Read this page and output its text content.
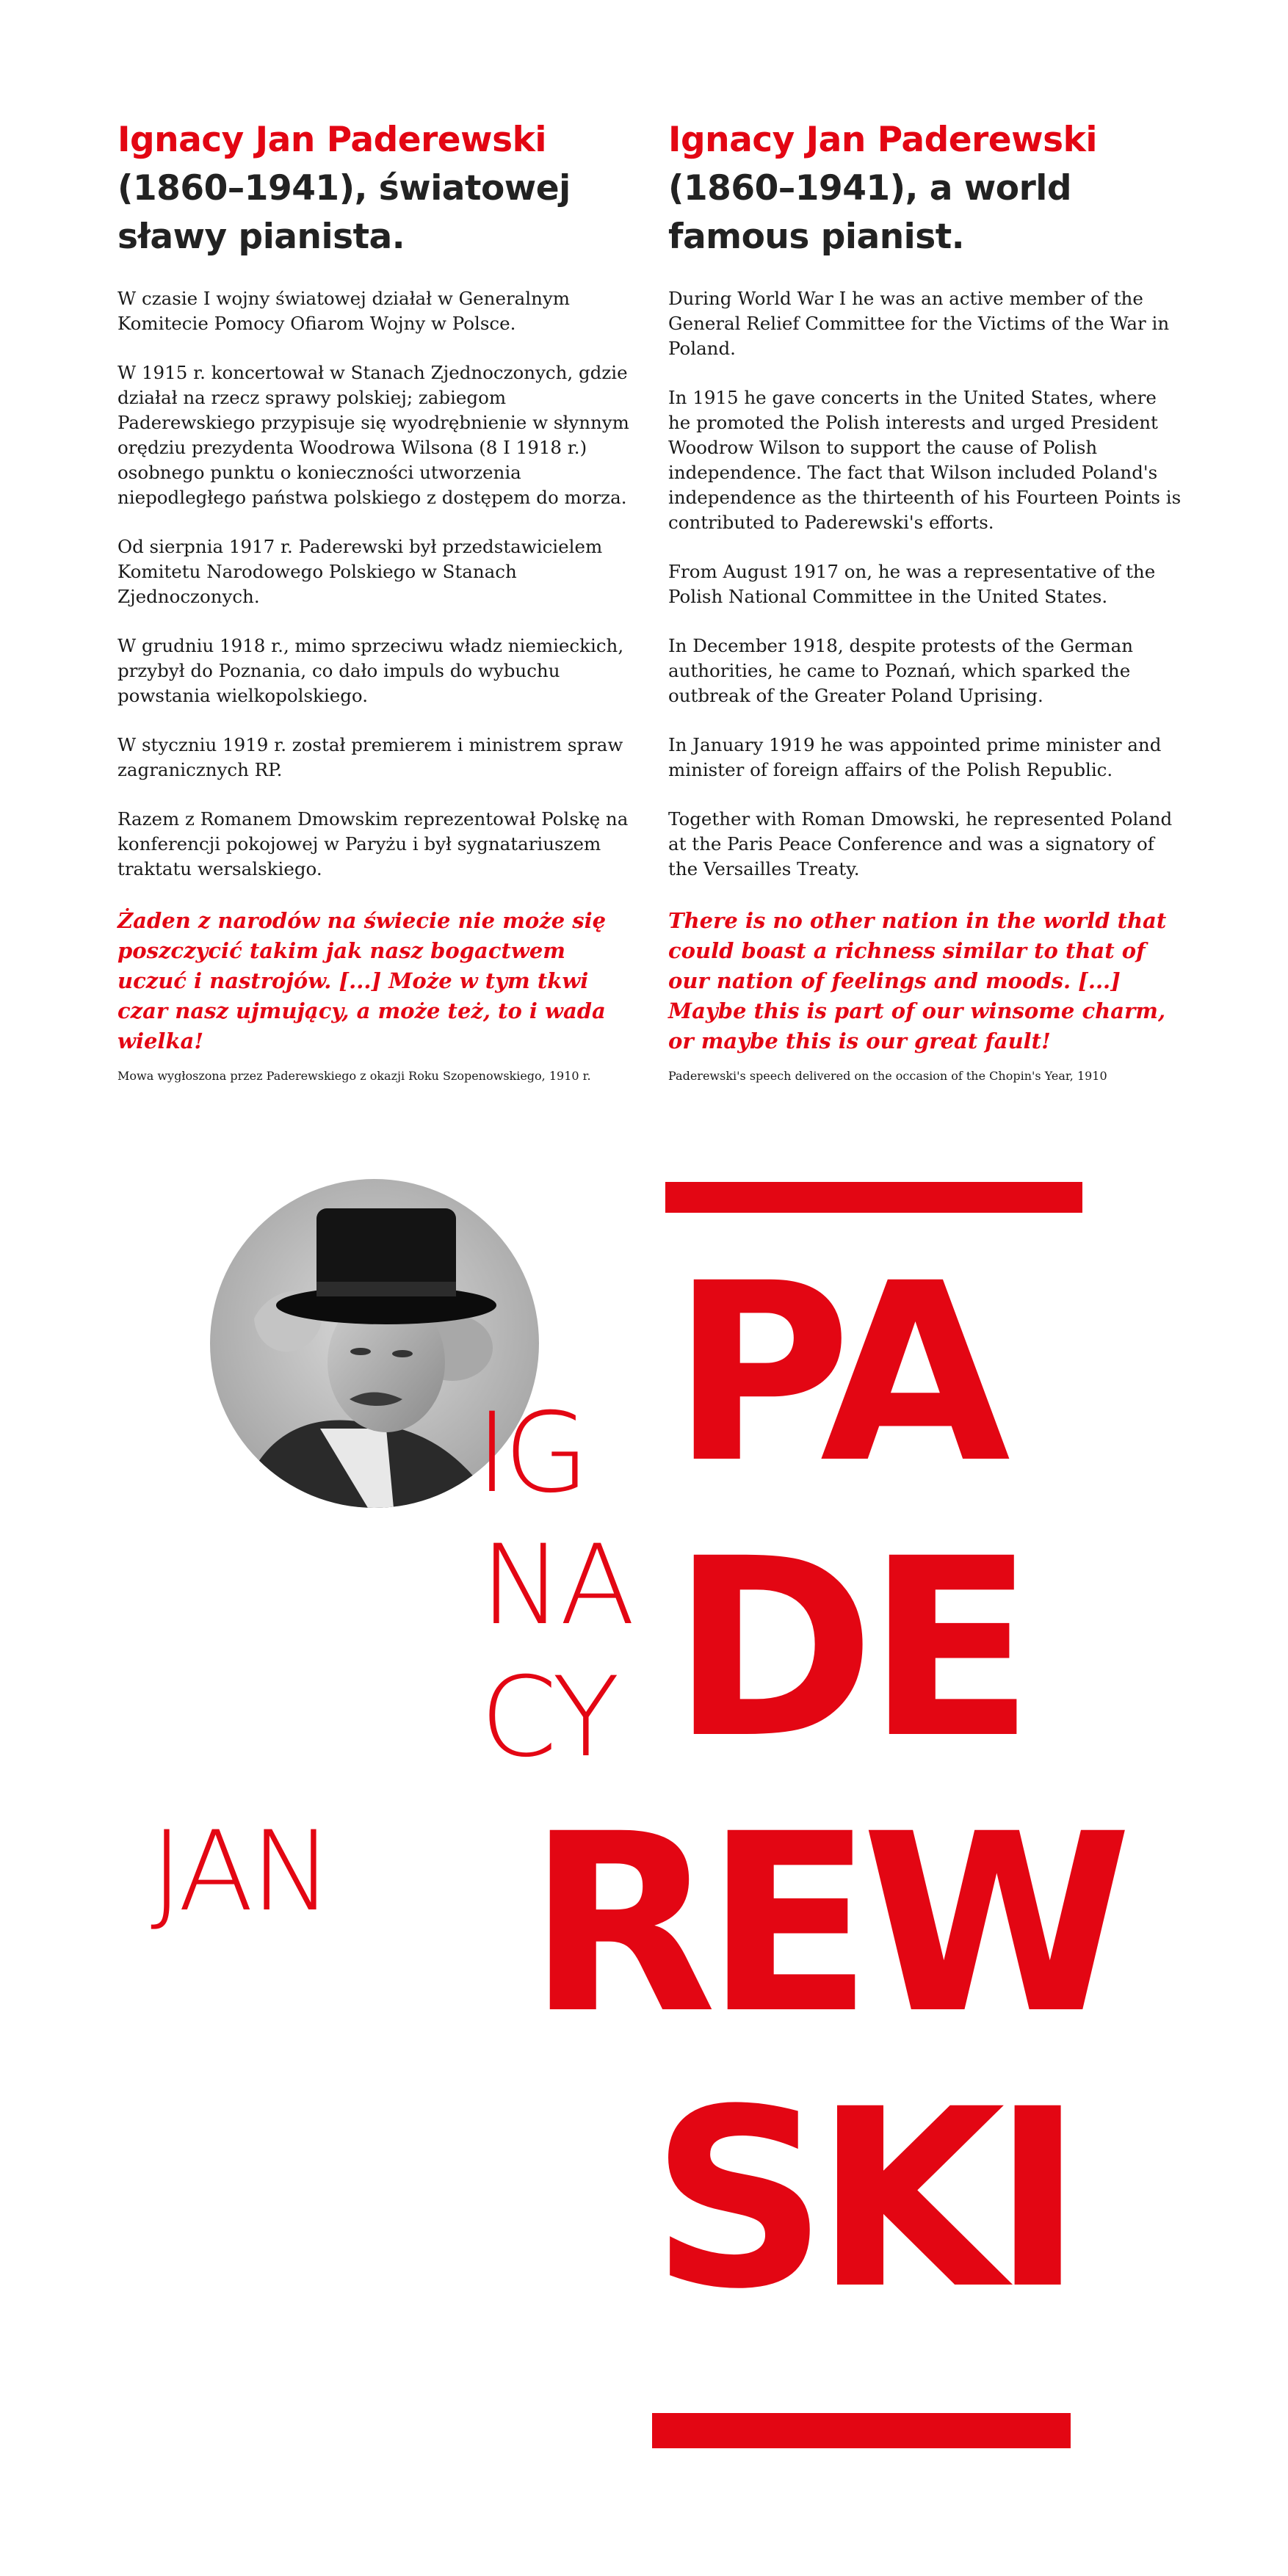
Ignacy Jan Paderewski
(1860–1941), światowej sławy pianista.

W czasie I wojny światowej działał w Generalnym Komitecie Pomocy Ofiarom Wojny w Polsce.

W 1915 r. koncertował w Stanach Zjednoczonych, gdzie działał na rzecz sprawy polskiej; zabiegom Paderewskiego przypisuje się wyodrębnienie w słynnym orędziu prezydenta Woodrowa Wilsona (8 I 1918 r.) osobnego punktu o konieczności utworzenia niepodległego państwa polskiego z dostępem do morza.

Od sierpnia 1917 r. Paderewski był przedstawicielem Komitetu Narodowego Polskiego w Stanach Zjednoczonych.

W grudniu 1918 r., mimo sprzeciwu władz niemieckich, przybył do Poznania, co dało impuls do wybuchu powstania wielkopolskiego.

W styczniu 1919 r. został premierem i ministrem spraw zagranicznych RP.

Razem z Romanem Dmowskim reprezentował Polskę na konferencji pokojowej w Paryżu i był sygnatariuszem traktatu wersalskiego.

Żaden z narodów na świecie nie może się poszczycić takim jak nasz bogactwem uczuć i nastrojów. [...] Może w tym tkwi czar nasz ujmujący, a może też, to i wada wielka!

Mowa wygłoszona przez Paderewskiego z okazji Roku Szopenowskiego, 1910 r.

Ignacy Jan Paderewski
(1860–1941), a world famous pianist.

During World War I he was an active member of the General Relief Committee for the Victims of the War in Poland.

In 1915 he gave concerts in the United States, where he promoted the Polish interests and urged President Woodrow Wilson to support the cause of Polish independence. The fact that Wilson included Poland's independence as the thirteenth of his Fourteen Points is contributed to Paderewski's efforts.

From August 1917 on, he was a representative of the Polish National Committee in the United States.

In December 1918, despite protests of the German authorities, he came to Poznań, which sparked the outbreak of the Greater Poland Uprising.

In January 1919 he was appointed prime minister and minister of foreign affairs of the Polish Republic.

Together with Roman Dmowski, he represented Poland at the Paris Peace Conference and was a signatory of the Versailles Treaty.

There is no other nation in the world that could boast a richness similar to that of our nation of feelings and moods. [...] Maybe this is part of our winsome charm, or maybe this is our great fault!

Paderewski's speech delivered on the occasion of the Chopin's Year, 1910

IG
NA
CY
JAN
PA
DE
REW
SKI
